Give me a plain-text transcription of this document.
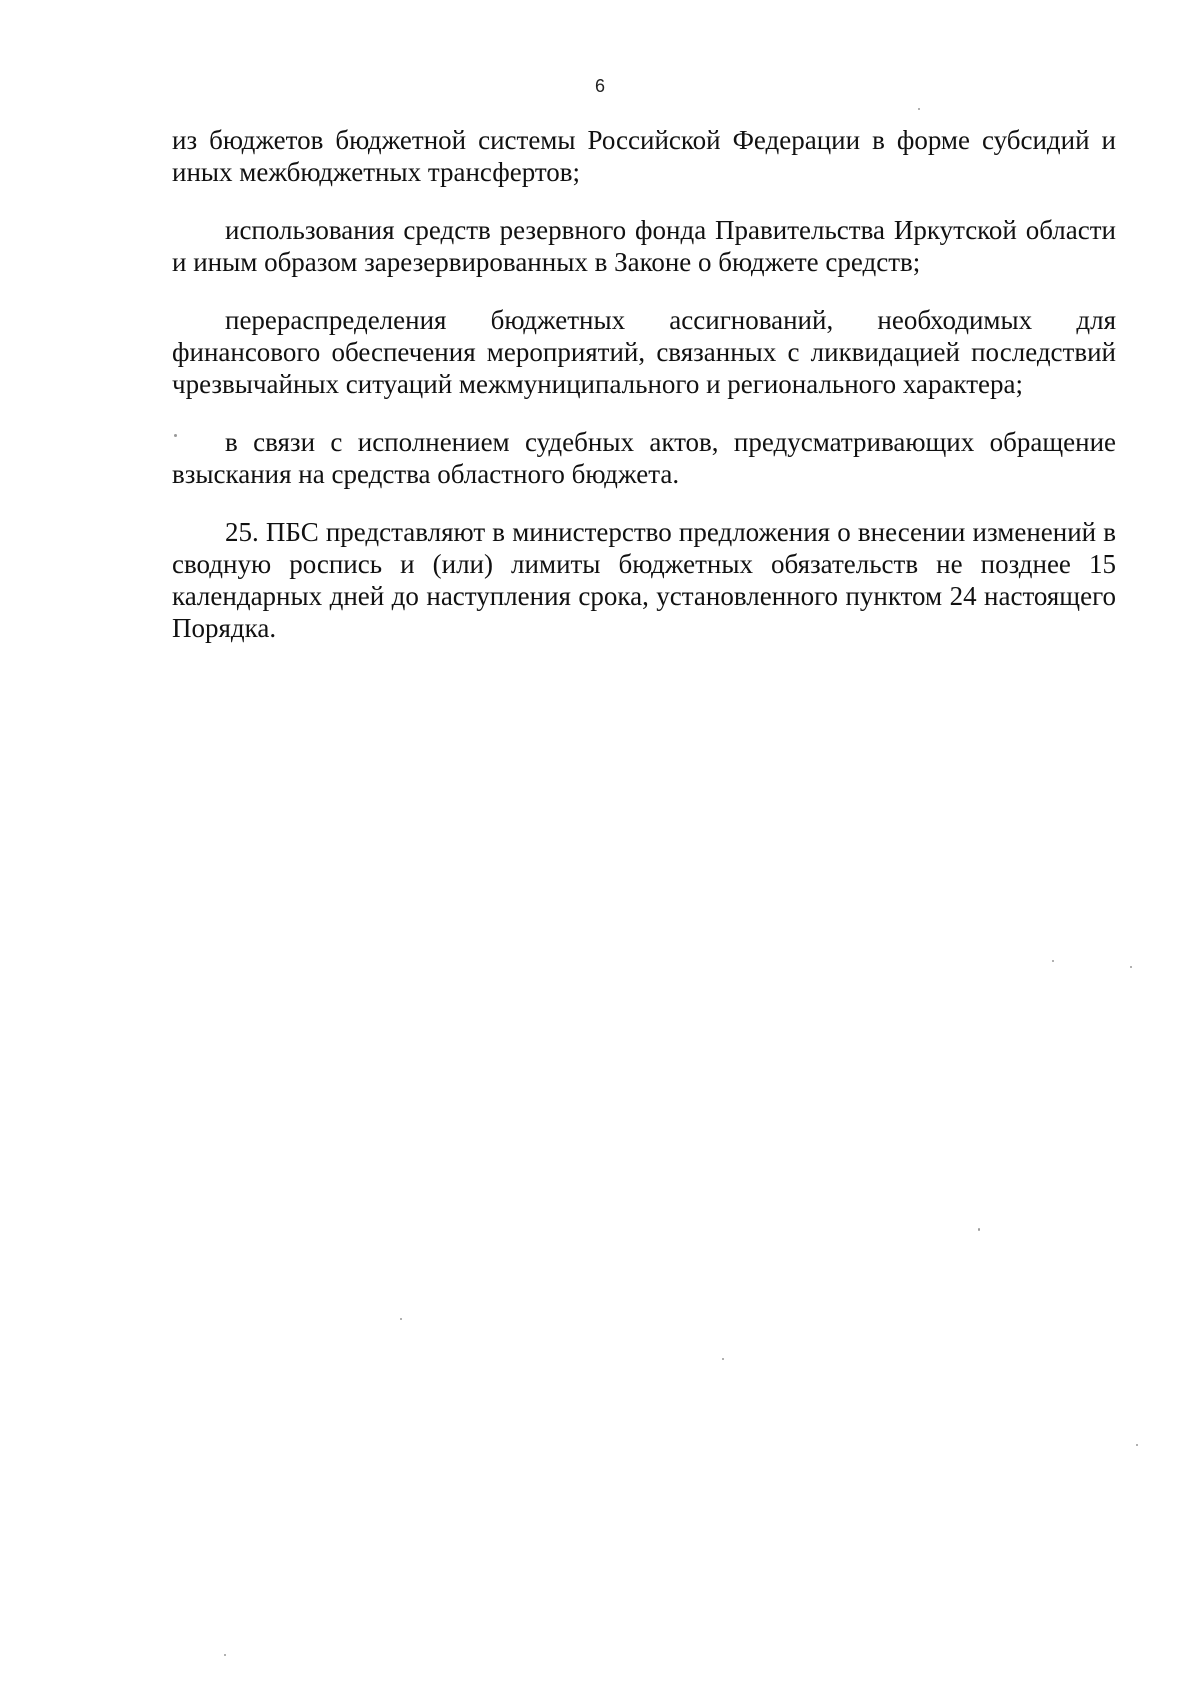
6

из бюджетов бюджетной системы Российской Федерации в форме субсидий и иных межбюджетных трансфертов;

использования средств резервного фонда Правительства Иркутской области и иным образом зарезервированных в Законе о бюджете средств;

перераспределения бюджетных ассигнований, необходимых для финансового обеспечения мероприятий, связанных с ликвидацией последствий чрезвычайных ситуаций межмуниципального и регионального характера;

в связи с исполнением судебных актов, предусматривающих обращение взыскания на средства областного бюджета.

25. ПБС представляют в министерство предложения о внесении изменений в сводную роспись и (или) лимиты бюджетных обязательств не позднее 15 календарных дней до наступления срока, установленного пунктом 24 настоящего Порядка.
